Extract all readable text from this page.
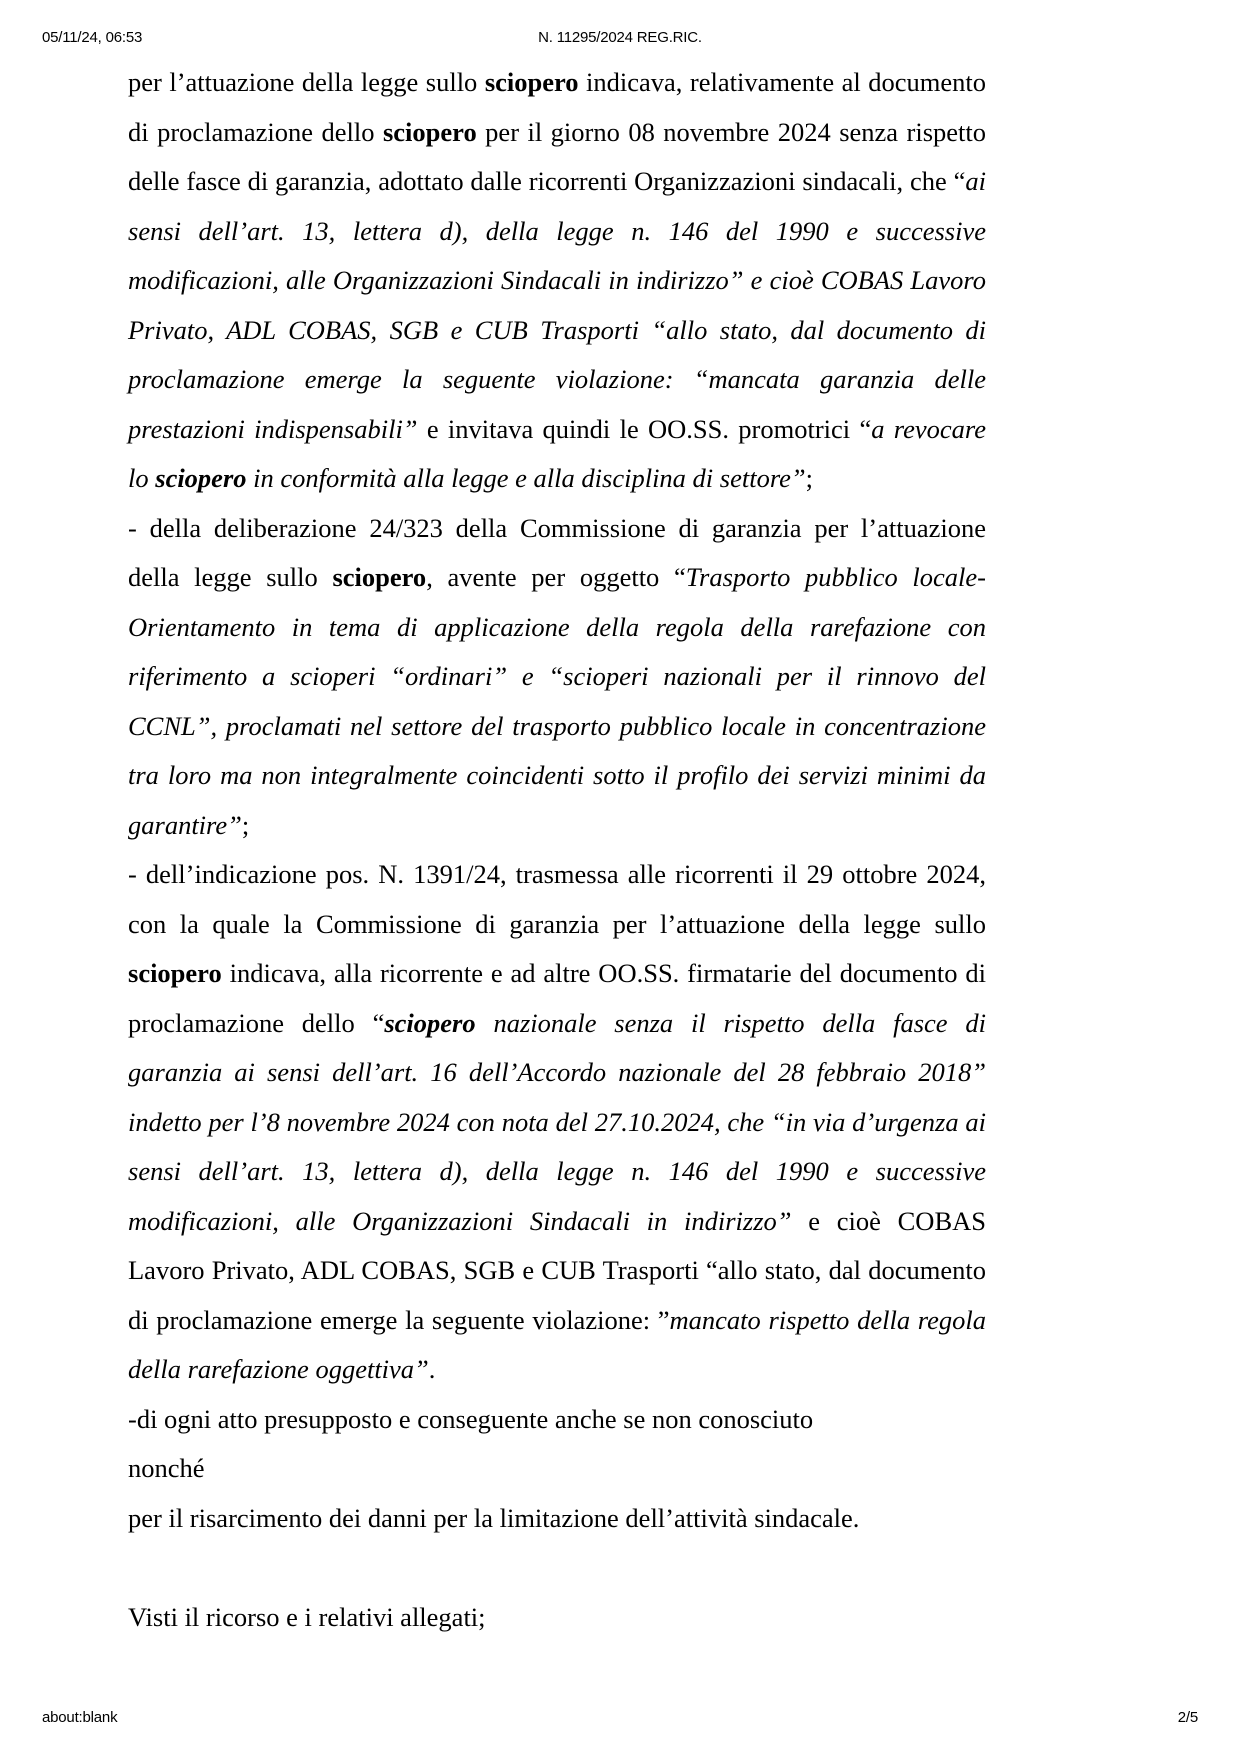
05/11/24, 06:53	N. 11295/2024 REG.RIC.

per l’attuazione della legge sullo sciopero indicava, relativamente al documento di proclamazione dello sciopero per il giorno 08 novembre 2024 senza rispetto delle fasce di garanzia, adottato dalle ricorrenti Organizzazioni sindacali, che “ai sensi dell’art. 13, lettera d), della legge n. 146 del 1990 e successive modificazioni, alle Organizzazioni Sindacali in indirizzo” e cioè COBAS Lavoro Privato, ADL COBAS, SGB e CUB Trasporti “allo stato, dal documento di proclamazione emerge la seguente violazione: “mancata garanzia delle prestazioni indispensabili” e invitava quindi le OO.SS. promotrici “a revocare lo sciopero in conformità alla legge e alla disciplina di settore”;

- della deliberazione 24/323 della Commissione di garanzia per l’attuazione della legge sullo sciopero, avente per oggetto “Trasporto pubblico locale-Orientamento in tema di applicazione della regola della rarefazione con riferimento a scioperi “ordinari” e “scioperi nazionali per il rinnovo del CCNL”, proclamati nel settore del trasporto pubblico locale in concentrazione tra loro ma non integralmente coincidenti sotto il profilo dei servizi minimi da garantire”;

- dell’indicazione pos. N. 1391/24, trasmessa alle ricorrenti il 29 ottobre 2024, con la quale la Commissione di garanzia per l’attuazione della legge sullo sciopero indicava, alla ricorrente e ad altre OO.SS. firmatarie del documento di proclamazione dello “sciopero nazionale senza il rispetto della fasce di garanzia ai sensi dell’art. 16 dell’Accordo nazionale del 28 febbraio 2018” indetto per l’8 novembre 2024 con nota del 27.10.2024, che “in via d’urgenza ai sensi dell’art. 13, lettera d), della legge n. 146 del 1990 e successive modificazioni, alle Organizzazioni Sindacali in indirizzo” e cioè COBAS Lavoro Privato, ADL COBAS, SGB e CUB Trasporti “allo stato, dal documento di proclamazione emerge la seguente violazione: ”mancato rispetto della regola della rarefazione oggettiva”.

-di ogni atto presupposto e conseguente anche se non conosciuto

nonché

per il risarcimento dei danni per la limitazione dell’attività sindacale.

Visti il ricorso e i relativi allegati;

about:blank	2/5
